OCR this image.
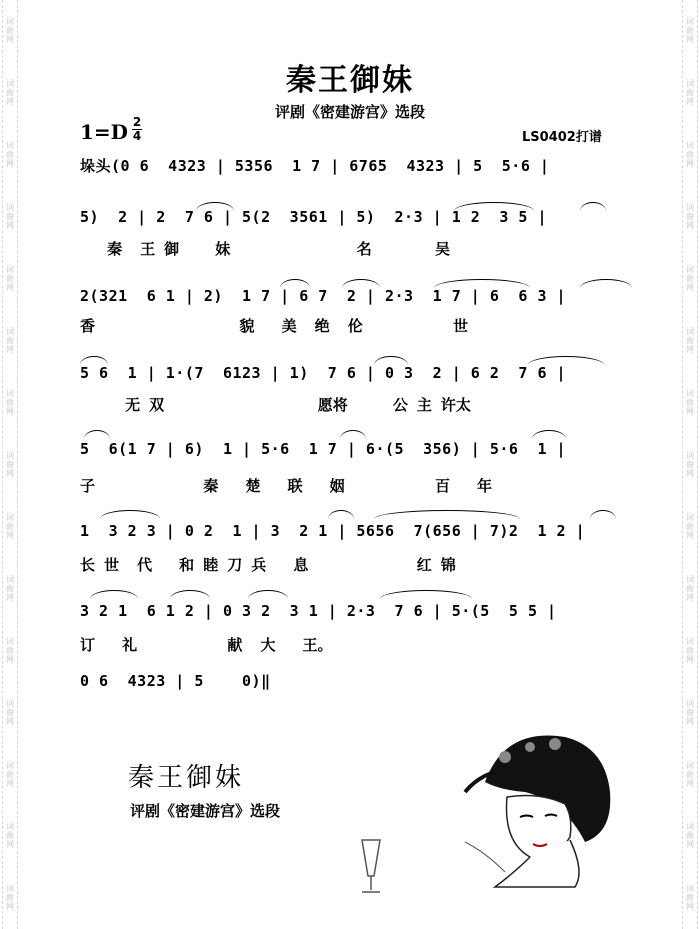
词曲网
词曲网
词曲网
词曲网
词曲网
词曲网
词曲网
词曲网
词曲网
词曲网
词曲网
词曲网
词曲网
词曲网
词曲网
词曲网
词曲网
词曲网
词曲网
词曲网
词曲网
词曲网
词曲网
词曲网
词曲网
词曲网
词曲网
词曲网
词曲网
词曲网
秦王御妹
评剧《密建游宫》选段
1=D 2
4	LS0402打谱
垛头(0 6  4323 | 5356  1 7 | 6765  4323 | 5  5·6 |
5)  2 | 2  7 6 | 5(2  3561 | 5)  2·3 | 1 2  3 5 |
秦  王 御    妹              名       吴
2(321  6 1 | 2)  1 7 | 6 7  2 | 2·3  1 7 | 6  6 3 |
香                貌   美  绝  伦          世
5 6  1 | 1·(7  6123 | 1)  7 6 | 0 3  2 | 6 2  7 6 |
无 双                 愿将     公 主 许太
5  6(1 7 | 6)  1 | 5·6  1 7 | 6·(5  356) | 5·6  1 |
子            秦   楚   联   姻          百   年
1  3 2 3 | 0 2  1 | 3  2 1 | 5656  7(656 | 7)2  1 2 |
长 世  代   和 睦 刀 兵   息            红 锦
3 2 1  6 1 2 | 0 3 2  3 1 | 2·3  7 6 | 5·(5  5 5 |
订   礼          献  大   王。
0 6  4323 | 5    0)‖
秦王御妹
评剧《密建游宫》选段
